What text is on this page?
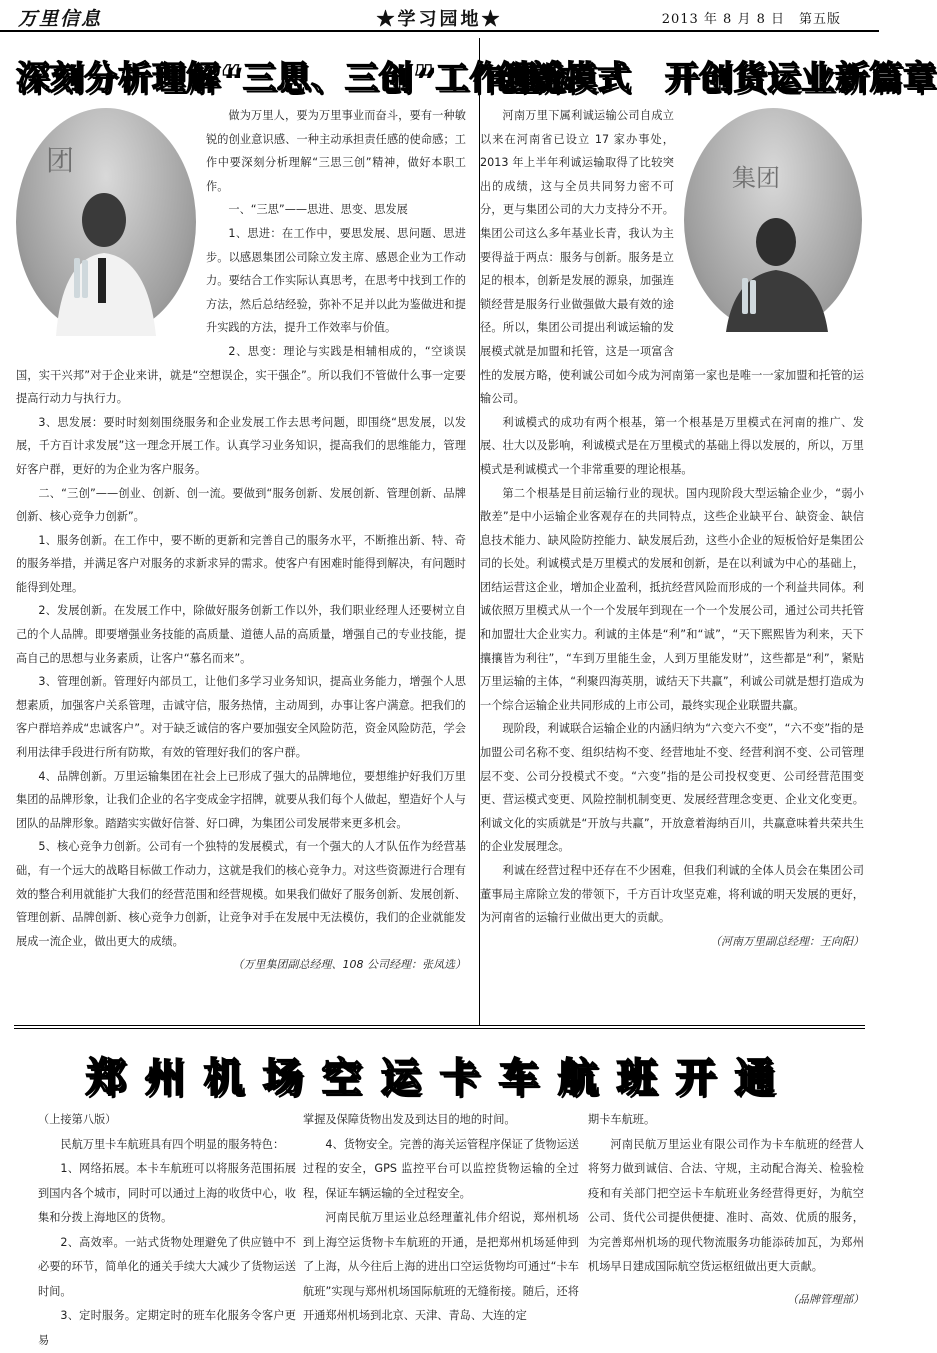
万里信息	★学习园地★	2013 年 8 月 8 日　第五版
深刻分析理解“三思、三创”工作理念
团

做为万里人，要为万里事业而奋斗，要有一种敏锐的创业意识感、一种主动承担责任感的使命感；工作中要深刻分析理解“三思三创”精神，做好本职工作。

一、“三思”——思进、思变、思发展

1、思进：在工作中，要思发展、思问题、思进步。以感恩集团公司除立发主席、感恩企业为工作动力。要结合工作实际认真思考，在思考中找到工作的方法，然后总结经验，弥补不足并以此为鉴做进和提升实践的方法，提升工作效率与价值。

2、思变：理论与实践是相辅相成的，“空谈误国，实干兴邦”对于企业来讲，就是“空想误企，实干强企”。所以我们不管做什么事一定要提高行动力与执行力。

3、思发展：要时时刻刻围绕服务和企业发展工作去思考问题，即围绕“思发展，以发展，千方百计求发展”这一理念开展工作。认真学习业务知识，提高我们的思维能力，管理好客户群，更好的为企业为客户服务。

二、“三创”——创业、创新、创一流。要做到“服务创新、发展创新、管理创新、品牌创新、核心竞争力创新”。

1、服务创新。在工作中，要不断的更新和完善自己的服务水平，不断推出新、特、奇的服务举措，并满足客户对服务的求新求异的需求。使客户有困难时能得到解决，有问题时能得到处理。

2、发展创新。在发展工作中，除做好服务创新工作以外，我们职业经理人还要树立自己的个人品牌。即要增强业务技能的高质量、道德人品的高质量，增强自己的专业技能，提高自己的思想与业务素质，让客户“慕名而来”。

3、管理创新。管理好内部员工，让他们多学习业务知识，提高业务能力，增强个人思想素质，加强客户关系管理，击诚守信，服务热情，主动周到，办事让客户满意。把我们的客户群培养成“忠诚客户”。对于缺乏诚信的客户要加强安全风险防范，资金风险防范，学会利用法律手段进行所有防欺，有效的管理好我们的客户群。

4、品牌创新。万里运输集团在社会上已形成了强大的品牌地位，要想维护好我们万里集团的品牌形象，让我们企业的名字变成金字招牌，就要从我们每个人做起，塑造好个人与团队的品牌形象。踏踏实实做好信誉、好口碑，为集团公司发展带来更多机会。

5、核心竞争力创新。公司有一个独特的发展模式，有一个强大的人才队伍作为经营基础，有一个远大的战略目标做工作动力，这就是我们的核心竞争力。对这些资源进行合理有效的整合利用就能扩大我们的经营范围和经营规模。如果我们做好了服务创新、发展创新、管理创新、品牌创新、核心竞争力创新，让竞争对手在发展中无法模仿，我们的企业就能发展成一流企业，做出更大的成绩。

（万里集团副总经理、108 公司经理：张凤选）
创新模式　开创货运业新篇章
集团

河南万里下属利诚运输公司自成立以来在河南省已设立 17 家办事处，2013 年上半年利诚运输取得了比较突出的成绩，这与全员共同努力密不可分，更与集团公司的大力支持分不开。集团公司这么多年基业长青，我认为主要得益于两点：服务与创新。服务是立足的根本，创新是发展的源泉，加强连锁经营是服务行业做强做大最有效的途径。所以，集团公司提出利诚运输的发展模式就是加盟和托管，这是一项富含性的发展方略，使利诚公司如今成为河南第一家也是唯一一家加盟和托管的运输公司。

利诚模式的成功有两个根基，第一个根基是万里模式在河南的推广、发展、壮大以及影响，利诚模式是在万里模式的基础上得以发展的，所以，万里模式是利诚模式一个非常重要的理论根基。

第二个根基是目前运输行业的现状。国内现阶段大型运输企业少，“弱小散差”是中小运输企业客观存在的共同特点，这些企业缺平台、缺资金、缺信息技术能力、缺风险防控能力、缺发展后劲，这些小企业的短板恰好是集团公司的长处。利诚模式是万里模式的发展和创新，是在以利诚为中心的基础上，团结运营这企业，增加企业盈利，抵抗经营风险而形成的一个利益共同体。利诚依照万里模式从一个一个发展年到现在一个一个发展公司，通过公司共托管和加盟壮大企业实力。利诚的主体是“利”和“诚”，“天下熙熙皆为利来，天下攘攘皆为利往”，“车到万里能生金，人到万里能发财”，这些都是“利”，紧贴万里运输的主体，“利聚四海英朋，诚结天下共赢”，利诚公司就是想打造成为一个综合运输企业共同形成的上市公司，最终实现企业联盟共赢。

现阶段，利诚联合运输企业的内涵归纳为“六变六不变”，“六不变”指的是加盟公司名称不变、组织结构不变、经营地址不变、经营利润不变、公司管理层不变、公司分投模式不变。“六变”指的是公司投权变更、公司经营范围变更、营运模式变更、风险控制机制变更、发展经营理念变更、企业文化变更。利诚文化的实质就是“开放与共赢”，开放意着海纳百川，共赢意味着共荣共生的企业发展理念。

利诚在经营过程中还存在不少困难，但我们利诚的全体人员会在集团公司董事局主席除立发的带领下，千方百计攻坚克难，将利诚的明天发展的更好，为河南省的运输行业做出更大的贡献。

（河南万里副总经理：王向阳）
郑州机场空运卡车航班开通

（上接第八版）

民航万里卡车航班具有四个明显的服务特色：

1、网络拓展。本卡车航班可以将服务范围拓展到国内各个城市，同时可以通过上海的收货中心，收集和分拨上海地区的货物。

2、高效率。一站式货物处理避免了供应链中不必要的环节，简单化的通关手续大大减少了货物运送时间。

3、定时服务。定期定时的班车化服务令客户更易

掌握及保障货物出发及到达目的地的时间。

4、货物安全。完善的海关运管程序保证了货物运送过程的安全，GPS 监控平台可以监控货物运输的全过程，保证车辆运输的全过程安全。

河南民航万里运业总经理董礼伟介绍说，郑州机场到上海空运货物卡车航班的开通，是把郑州机场延伸到了上海，从今往后上海的进出口空运货物均可通过“卡车航班”实现与郑州机场国际航班的无缝衔接。随后，还将开通郑州机场到北京、天津、青岛、大连的定

期卡车航班。

河南民航万里运业有限公司作为卡车航班的经营人将努力做到诚信、合法、守规，主动配合海关、检验检疫和有关部门把空运卡车航班业务经营得更好，为航空公司、货代公司提供便捷、准时、高效、优质的服务，为完善郑州机场的现代物流服务功能添砖加瓦，为郑州机场早日建成国际航空货运枢纽做出更大贡献。

（品牌管理部）
